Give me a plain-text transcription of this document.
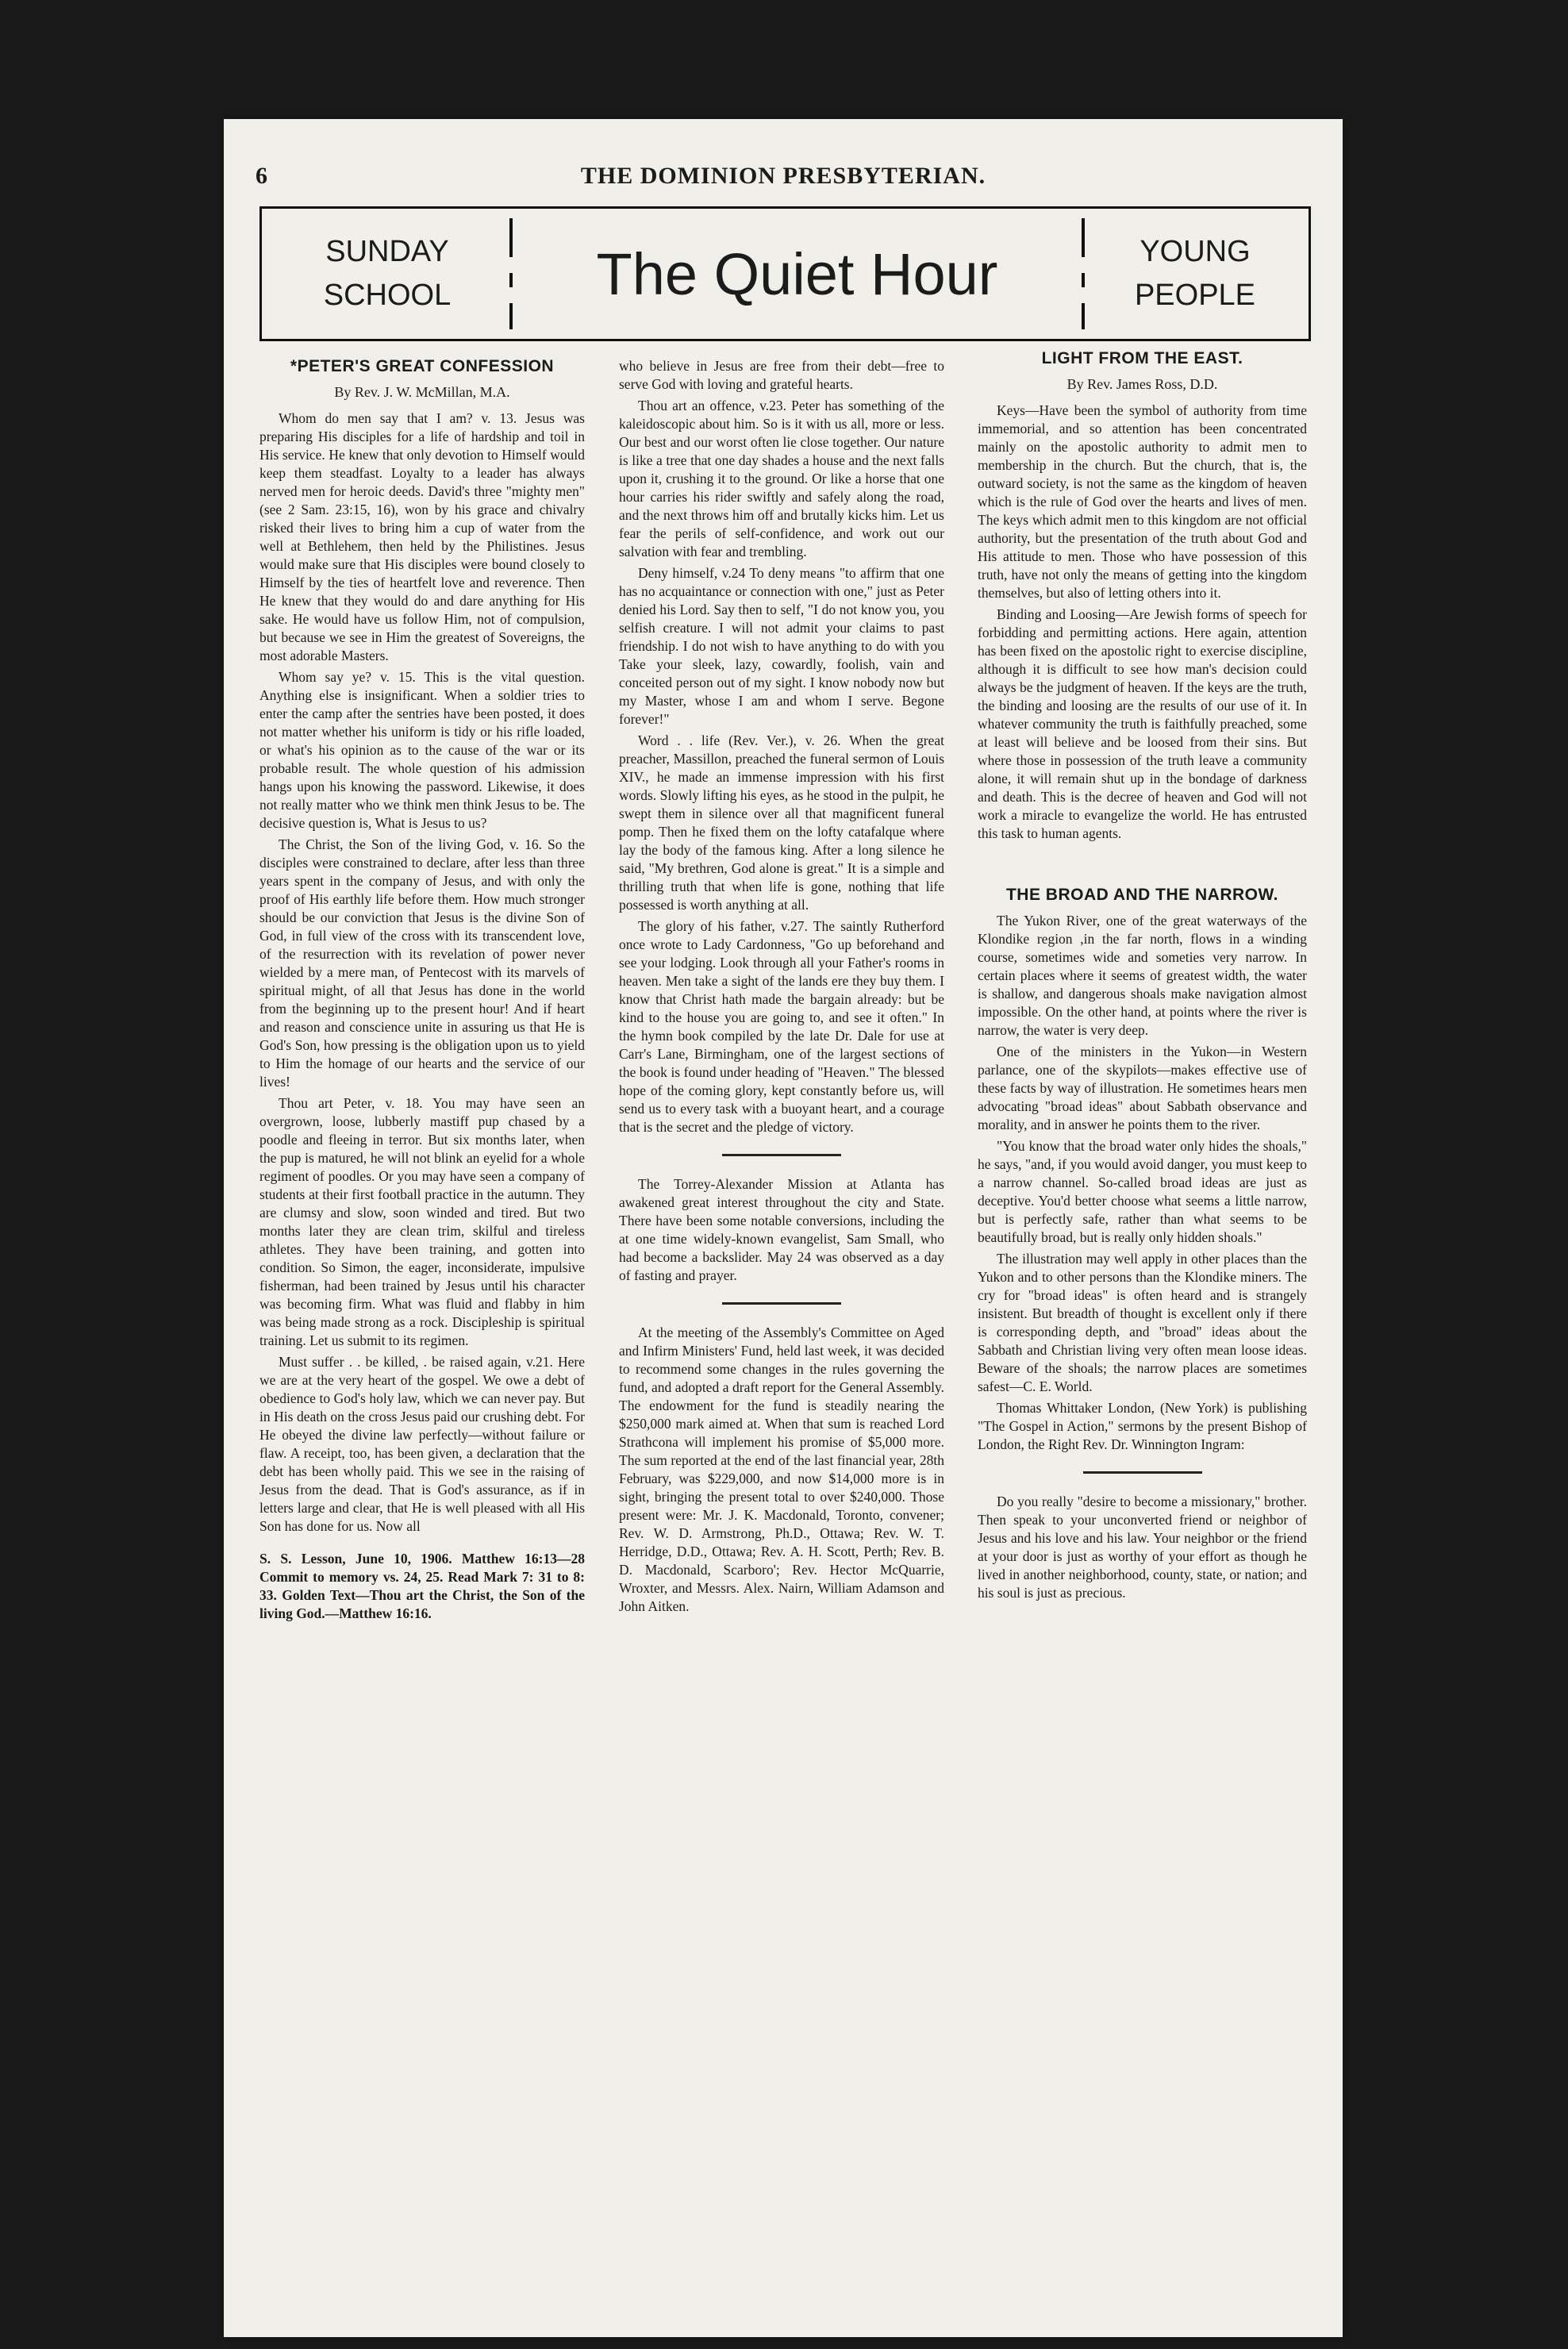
6	THE DOMINION PRESBYTERIAN.
SUNDAY
SCHOOL	The Quiet Hour	YOUNG
PEOPLE
*PETER'S GREAT CONFESSION
By Rev. J. W. McMillan, M.A.

Whom do men say that I am? v. 13. Jesus was preparing His disciples for a life of hardship and toil in His service. He knew that only devotion to Himself would keep them steadfast. Loyalty to a leader has always nerved men for heroic deeds. David's three "mighty men" (see 2 Sam. 23:15, 16), won by his grace and chivalry risked their lives to bring him a cup of water from the well at Bethlehem, then held by the Philistines. Jesus would make sure that His disciples were bound closely to Himself by the ties of heartfelt love and reverence. Then He knew that they would do and dare anything for His sake. He would have us follow Him, not of compulsion, but because we see in Him the greatest of Sovereigns, the most adorable Masters.

Whom say ye? v. 15. This is the vital question. Anything else is insignificant. When a soldier tries to enter the camp after the sentries have been posted, it does not matter whether his uniform is tidy or his rifle loaded, or what's his opinion as to the cause of the war or its probable result. The whole question of his admission hangs upon his knowing the password. Likewise, it does not really matter who we think men think Jesus to be. The decisive question is, What is Jesus to us?

The Christ, the Son of the living God, v. 16. So the disciples were constrained to declare, after less than three years spent in the company of Jesus, and with only the proof of His earthly life before them. How much stronger should be our conviction that Jesus is the divine Son of God, in full view of the cross with its transcendent love, of the resurrection with its revelation of power never wielded by a mere man, of Pentecost with its marvels of spiritual might, of all that Jesus has done in the world from the beginning up to the present hour! And if heart and reason and conscience unite in assuring us that He is God's Son, how pressing is the obligation upon us to yield to Him the homage of our hearts and the service of our lives!

Thou art Peter, v. 18. You may have seen an overgrown, loose, lubberly mastiff pup chased by a poodle and fleeing in terror. But six months later, when the pup is matured, he will not blink an eyelid for a whole regiment of poodles. Or you may have seen a company of students at their first football practice in the autumn. They are clumsy and slow, soon winded and tired. But two months later they are clean trim, skilful and tireless athletes. They have been training, and gotten into condition. So Simon, the eager, inconsiderate, impulsive fisherman, had been trained by Jesus until his character was becoming firm. What was fluid and flabby in him was being made strong as a rock. Discipleship is spiritual training. Let us submit to its regimen.

Must suffer . . be killed, . be raised again, v.21. Here we are at the very heart of the gospel. We owe a debt of obedience to God's holy law, which we can never pay. But in His death on the cross Jesus paid our crushing debt. For He obeyed the divine law perfectly—without failure or flaw. A receipt, too, has been given, a declaration that the debt has been wholly paid. This we see in the raising of Jesus from the dead. That is God's assurance, as if in letters large and clear, that He is well pleased with all His Son has done for us. Now all

S. S. Lesson, June 10, 1906. Matthew 16:13—28 Commit to memory vs. 24, 25. Read Mark 7: 31 to 8: 33. Golden Text—Thou art the Christ, the Son of the living God.—Matthew 16:16.

who believe in Jesus are free from their debt—free to serve God with loving and grateful hearts.

Thou art an offence, v.23. Peter has something of the kaleidoscopic about him. So is it with us all, more or less. Our best and our worst often lie close together. Our nature is like a tree that one day shades a house and the next falls upon it, crushing it to the ground. Or like a horse that one hour carries his rider swiftly and safely along the road, and the next throws him off and brutally kicks him. Let us fear the perils of self-confidence, and work out our salvation with fear and trembling.

Deny himself, v.24 To deny means "to affirm that one has no acquaintance or connection with one," just as Peter denied his Lord. Say then to self, "I do not know you, you selfish creature. I will not admit your claims to past friendship. I do not wish to have anything to do with you Take your sleek, lazy, cowardly, foolish, vain and conceited person out of my sight. I know nobody now but my Master, whose I am and whom I serve. Begone forever!"

Word . . life (Rev. Ver.), v. 26. When the great preacher, Massillon, preached the funeral sermon of Louis XIV., he made an immense impression with his first words. Slowly lifting his eyes, as he stood in the pulpit, he swept them in silence over all that magnificent funeral pomp. Then he fixed them on the lofty catafalque where lay the body of the famous king. After a long silence he said, "My brethren, God alone is great." It is a simple and thrilling truth that when life is gone, nothing that life possessed is worth anything at all.

The glory of his father, v.27. The saintly Rutherford once wrote to Lady Cardonness, "Go up beforehand and see your lodging. Look through all your Father's rooms in heaven. Men take a sight of the lands ere they buy them. I know that Christ hath made the bargain already: but be kind to the house you are going to, and see it often." In the hymn book compiled by the late Dr. Dale for use at Carr's Lane, Birmingham, one of the largest sections of the book is found under heading of "Heaven." The blessed hope of the coming glory, kept constantly before us, will send us to every task with a buoyant heart, and a courage that is the secret and the pledge of victory.

The Torrey-Alexander Mission at Atlanta has awakened great interest throughout the city and State. There have been some notable conversions, including the at one time widely-known evangelist, Sam Small, who had become a backslider. May 24 was observed as a day of fasting and prayer.

At the meeting of the Assembly's Committee on Aged and Infirm Ministers' Fund, held last week, it was decided to recommend some changes in the rules governing the fund, and adopted a draft report for the General Assembly. The endowment for the fund is steadily nearing the $250,000 mark aimed at. When that sum is reached Lord Strathcona will implement his promise of $5,000 more. The sum reported at the end of the last financial year, 28th February, was $229,000, and now $14,000 more is in sight, bringing the present total to over $240,000. Those present were: Mr. J. K. Macdonald, Toronto, convener; Rev. W. D. Armstrong, Ph.D., Ottawa; Rev. W. T. Herridge, D.D., Ottawa; Rev. A. H. Scott, Perth; Rev. B. D. Macdonald, Scarboro'; Rev. Hector McQuarrie, Wroxter, and Messrs. Alex. Nairn, William Adamson and John Aitken.

LIGHT FROM THE EAST.
By Rev. James Ross, D.D.

Keys—Have been the symbol of authority from time immemorial, and so attention has been concentrated mainly on the apostolic authority to admit men to membership in the church. But the church, that is, the outward society, is not the same as the kingdom of heaven which is the rule of God over the hearts and lives of men. The keys which admit men to this kingdom are not official authority, but the presentation of the truth about God and His attitude to men. Those who have possession of this truth, have not only the means of getting into the kingdom themselves, but also of letting others into it.

Binding and Loosing—Are Jewish forms of speech for forbidding and permitting actions. Here again, attention has been fixed on the apostolic right to exercise discipline, although it is difficult to see how man's decision could always be the judgment of heaven. If the keys are the truth, the binding and loosing are the results of our use of it. In whatever community the truth is faithfully preached, some at least will believe and be loosed from their sins. But where those in possession of the truth leave a community alone, it will remain shut up in the bondage of darkness and death. This is the decree of heaven and God will not work a miracle to evangelize the world. He has entrusted this task to human agents.

THE BROAD AND THE NARROW.

The Yukon River, one of the great waterways of the Klondike region ,in the far north, flows in a winding course, sometimes wide and someties very narrow. In certain places where it seems of greatest width, the water is shallow, and dangerous shoals make navigation almost impossible. On the other hand, at points where the river is narrow, the water is very deep.

One of the ministers in the Yukon—in Western parlance, one of the skypilots—makes effective use of these facts by way of illustration. He sometimes hears men advocating "broad ideas" about Sabbath observance and morality, and in answer he points them to the river.

"You know that the broad water only hides the shoals," he says, "and, if you would avoid danger, you must keep to a narrow channel. So-called broad ideas are just as deceptive. You'd better choose what seems a little narrow, but is perfectly safe, rather than what seems to be beautifully broad, but is really only hidden shoals."

The illustration may well apply in other places than the Yukon and to other persons than the Klondike miners. The cry for "broad ideas" is often heard and is strangely insistent. But breadth of thought is excellent only if there is corresponding depth, and "broad" ideas about the Sabbath and Christian living very often mean loose ideas. Beware of the shoals; the narrow places are sometimes safest—C. E. World.

Thomas Whittaker London, (New York) is publishing "The Gospel in Action," sermons by the present Bishop of London, the Right Rev. Dr. Winnington Ingram:

Do you really "desire to become a missionary," brother. Then speak to your unconverted friend or neighbor of Jesus and his love and his law. Your neighbor or the friend at your door is just as worthy of your effort as though he lived in another neighborhood, county, state, or nation; and his soul is just as precious.
